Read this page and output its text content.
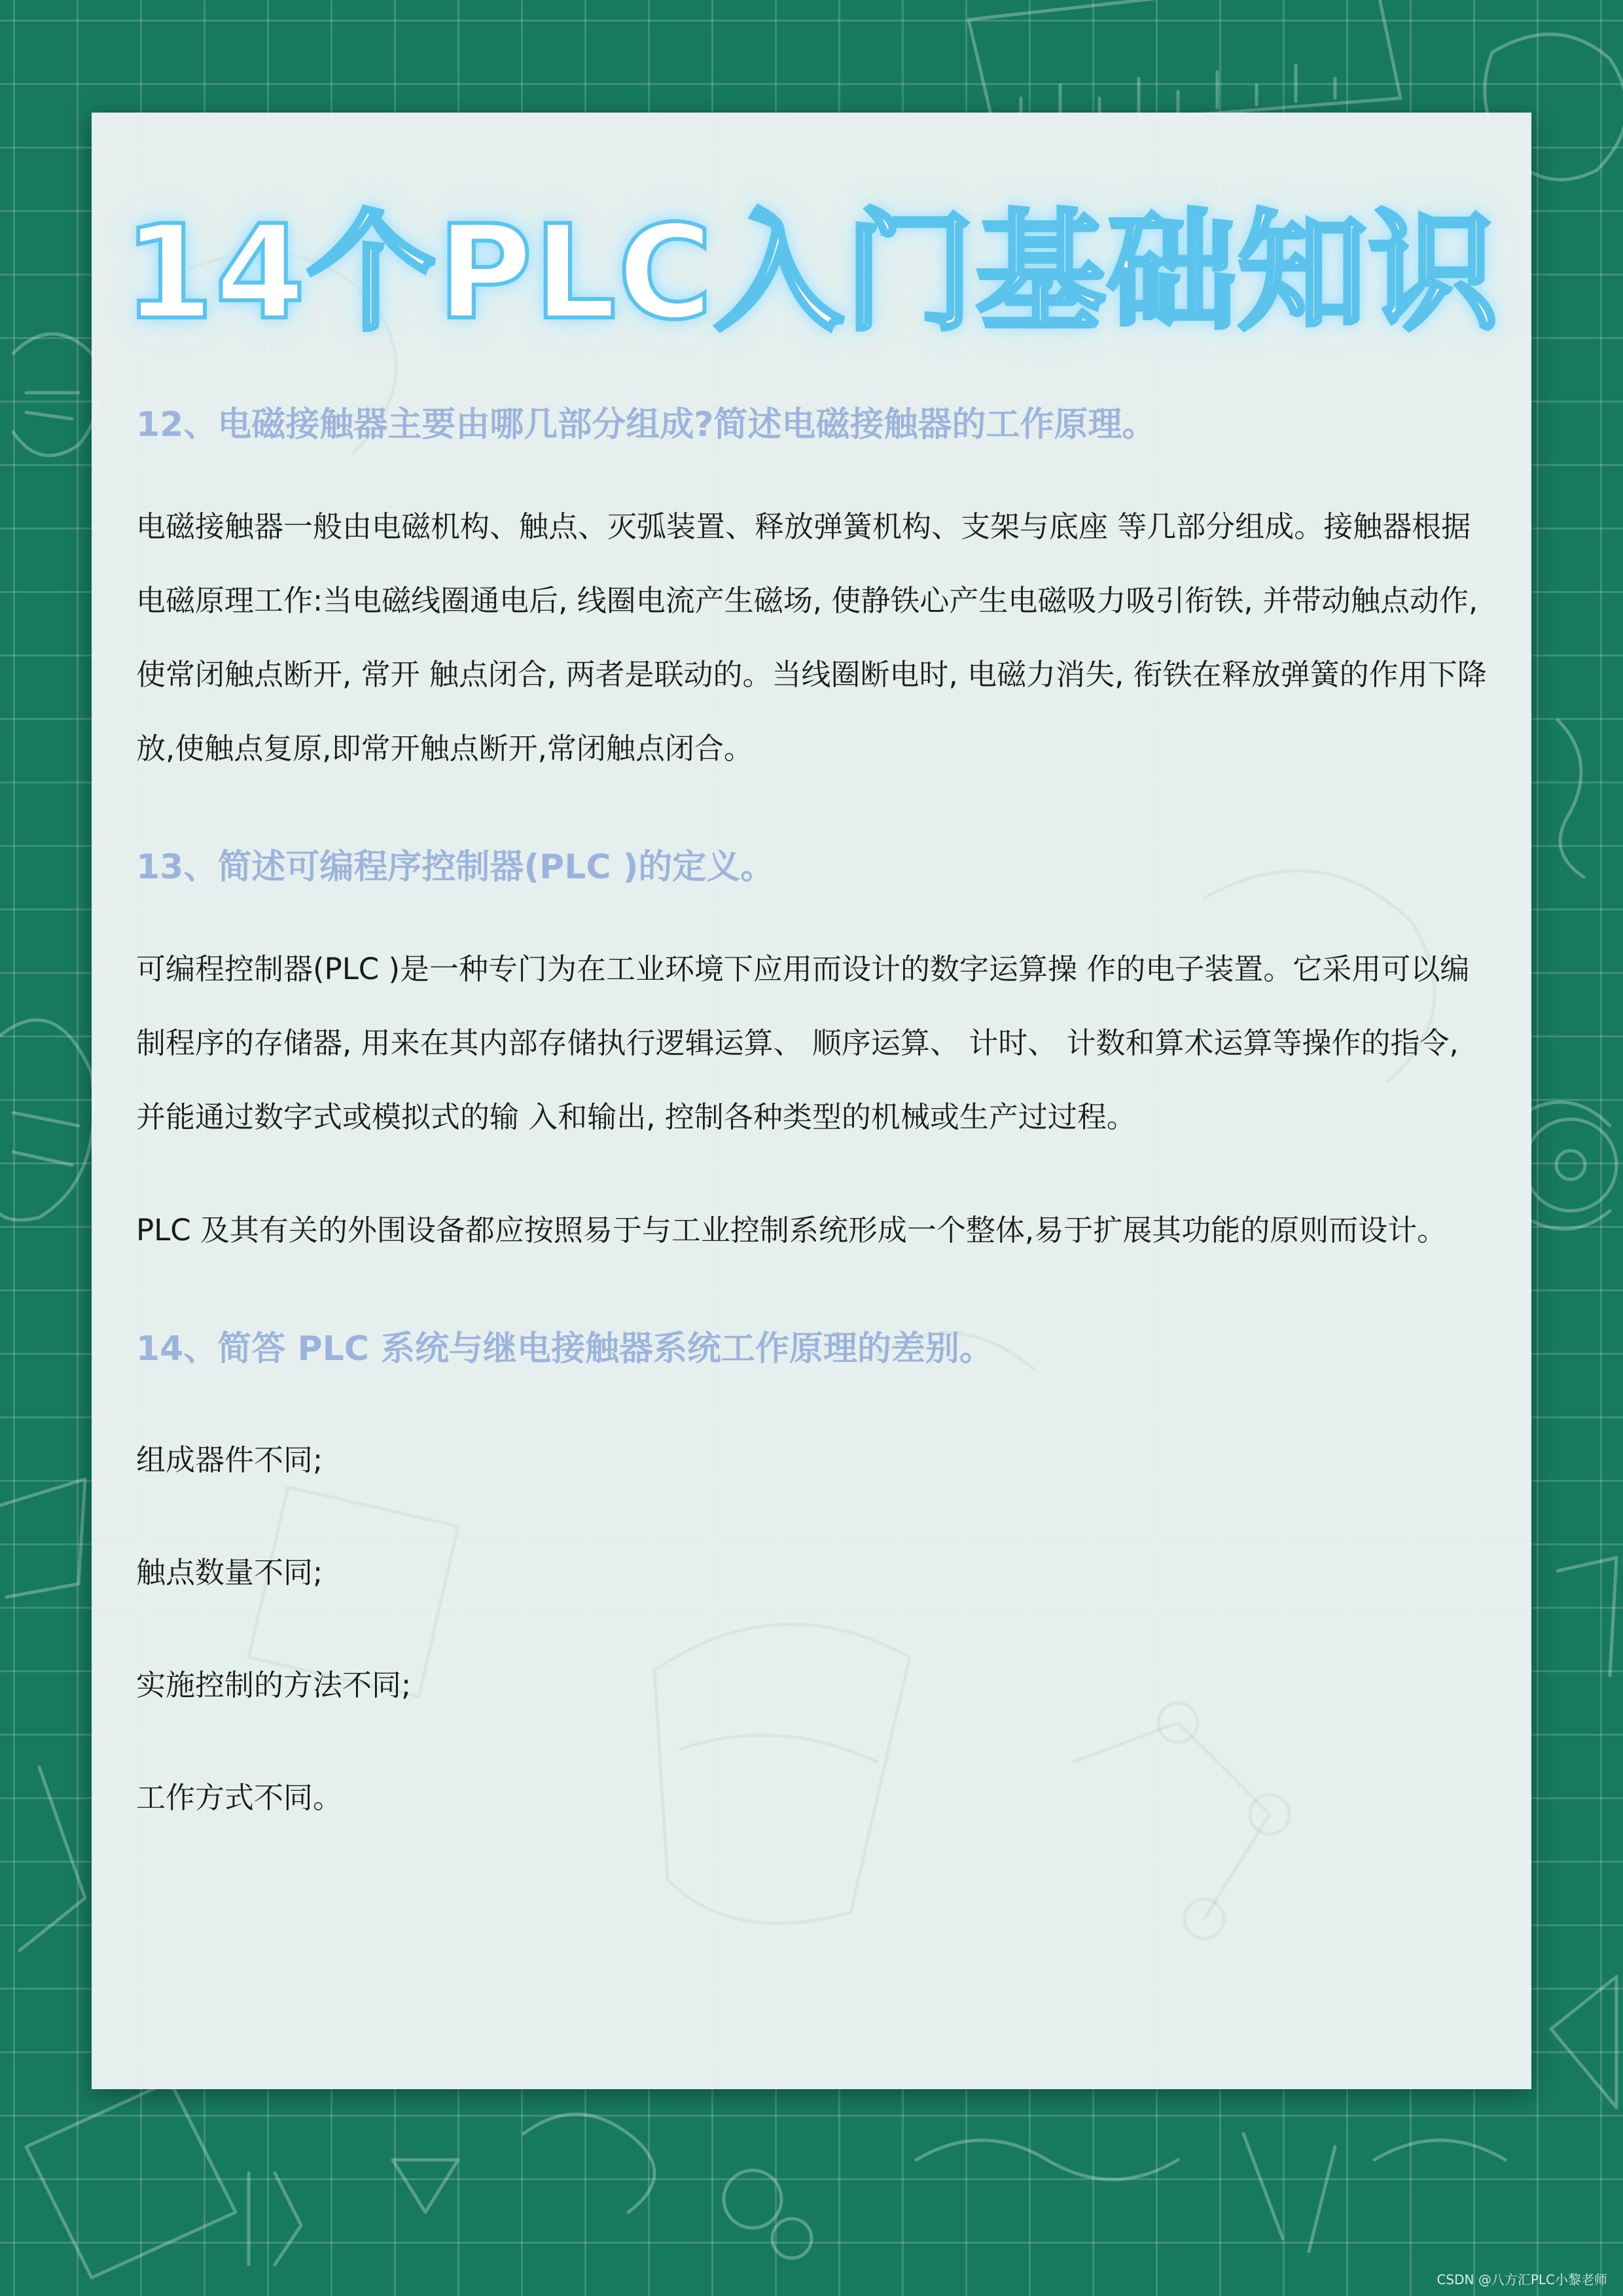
14个PLC入门基础知识
12、电磁接触器主要由哪几部分组成?简述电磁接触器的工作原理。

电磁接触器一般由电磁机构、触点、灭弧装置、释放弹簧机构、支架与底座 等几部分组成。接触器根据电磁原理工作:当电磁线圈通电后, 线圈电流产生磁场, 使静铁心产生电磁吸力吸引衔铁, 并带动触点动作,使常闭触点断开, 常开 触点闭合, 两者是联动的。当线圈断电时, 电磁力消失, 衔铁在释放弹簧的作用下降放,使触点复原,即常开触点断开,常闭触点闭合。

13、简述可编程序控制器(PLC )的定义。

可编程控制器(PLC )是一种专门为在工业环境下应用而设计的数字运算操 作的电子装置。它采用可以编制程序的存储器, 用来在其内部存储执行逻辑运算、 顺序运算、 计时、 计数和算术运算等操作的指令, 并能通过数字式或模拟式的输 入和输出, 控制各种类型的机械或生产过过程。

PLC 及其有关的外围设备都应按照易于与工业控制系统形成一个整体,易于扩展其功能的原则而设计。

14、简答 PLC 系统与继电接触器系统工作原理的差别。

组成器件不同;

触点数量不同;

实施控制的方法不同;

工作方式不同。

CSDN @八方汇PLC小黎老师
